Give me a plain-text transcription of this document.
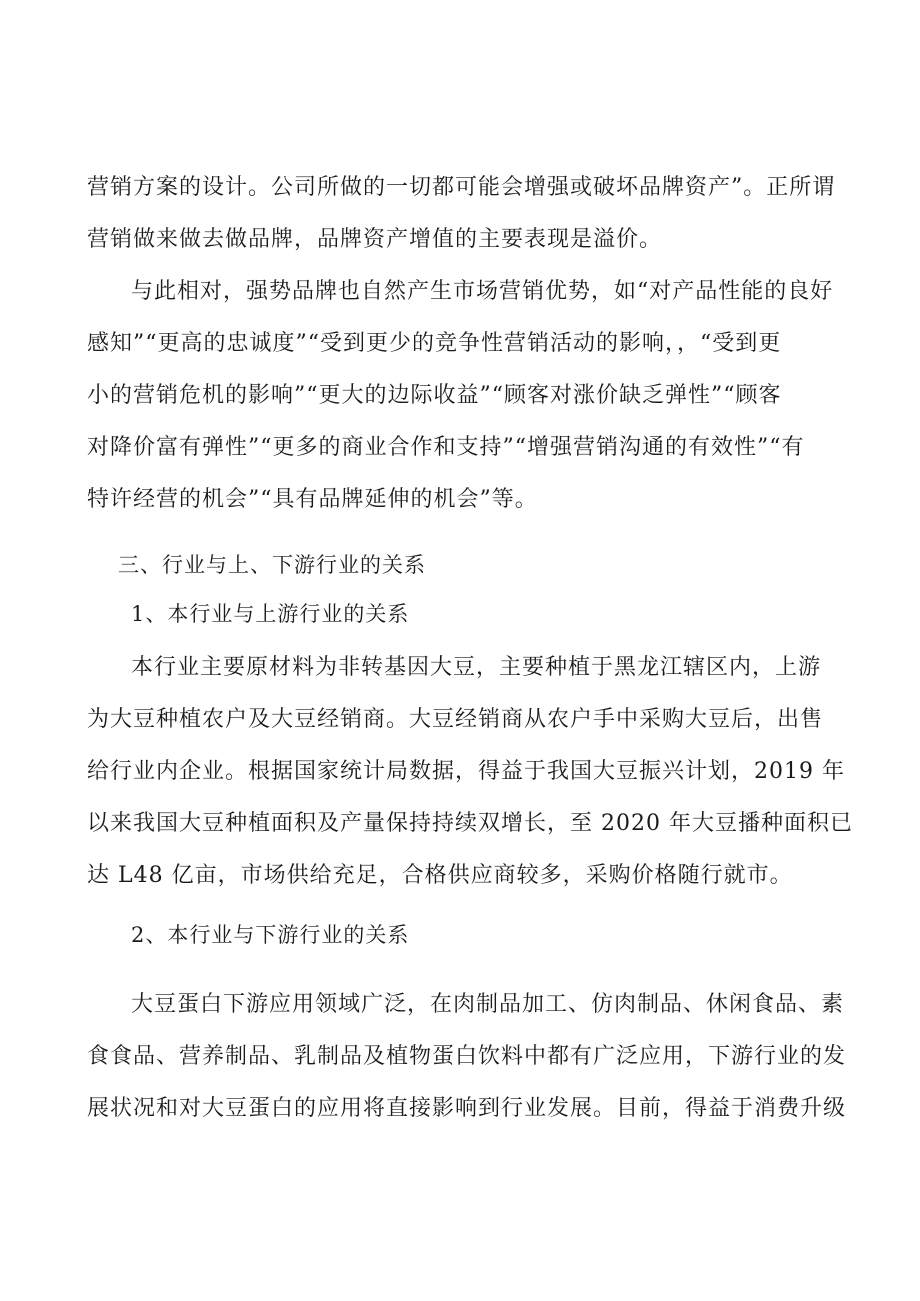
营销方案的设计。公司所做的一切都可能会增强或破坏品牌资产”。正所谓
营销做来做去做品牌，品牌资产增值的主要表现是溢价。
与此相对，强势品牌也自然产生市场营销优势，如“对产品性能的良好
感知”“更高的忠诚度”“受到更少的竞争性营销活动的影响，，“受到更
小的营销危机的影响”“更大的边际收益”“顾客对涨价缺乏弹性”“顾客
对降价富有弹性”“更多的商业合作和支持”“增强营销沟通的有效性”“有
特许经营的机会”“具有品牌延伸的机会”等。
三、行业与上、下游行业的关系
1、本行业与上游行业的关系
本行业主要原材料为非转基因大豆，主要种植于黑龙江辖区内，上游
为大豆种植农户及大豆经销商。大豆经销商从农户手中采购大豆后，出售
给行业内企业。根据国家统计局数据，得益于我国大豆振兴计划，2019 年
以来我国大豆种植面积及产量保持持续双增长，至 2020 年大豆播种面积已
达 L48 亿亩，市场供给充足，合格供应商较多，采购价格随行就市。
2、本行业与下游行业的关系
大豆蛋白下游应用领域广泛，在肉制品加工、仿肉制品、休闲食品、素
食食品、营养制品、乳制品及植物蛋白饮料中都有广泛应用，下游行业的发
展状况和对大豆蛋白的应用将直接影响到行业发展。目前，得益于消费升级
